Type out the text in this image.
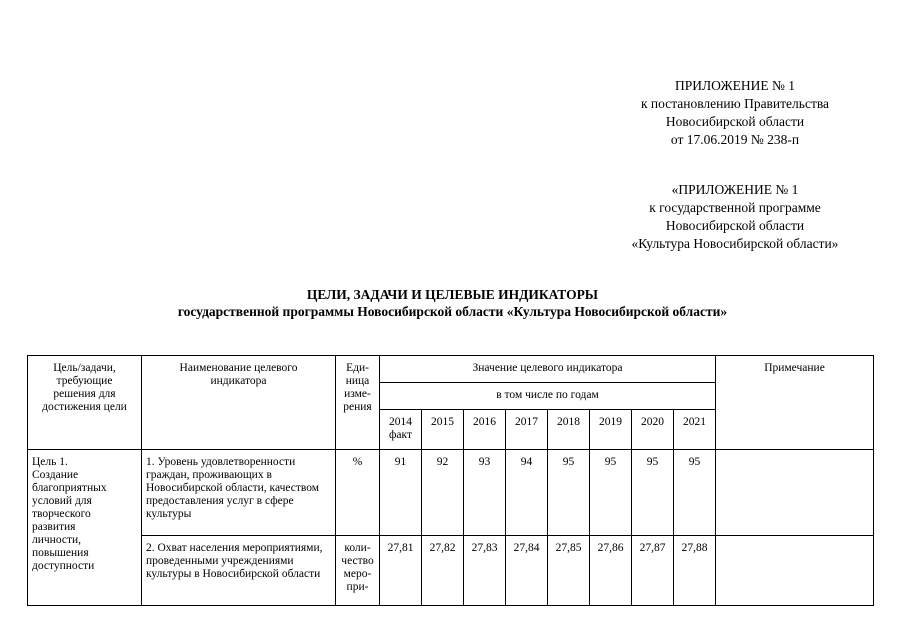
ПРИЛОЖЕНИЕ № 1
к постановлению Правительства
Новосибирской области
от 17.06.2019 № 238-п
«ПРИЛОЖЕНИЕ № 1
к государственной программе
Новосибирской области
«Культура Новосибирской области»
ЦЕЛИ, ЗАДАЧИ И ЦЕЛЕВЫЕ ИНДИКАТОРЫ
государственной программы Новосибирской области «Культура Новосибирской области»
Цель/задачи, требующие решения для достижения цели	Наименование целевого индикатора	Еди- ница изме- рения	Значение целевого индикатора								Примечание
			в том числе по годам								
			2014 факт	2015	2016	2017	2018	2019	2020	2021	
Цель 1. Создание благоприятных условий для творческого развития личности, повышения доступности	1. Уровень удовлетворенности граждан, проживающих в Новосибирской области, качеством предоставления услуг в сфере культуры	%	91	92	93	94	95	95	95	95	
	2. Охват населения мероприятиями, проведенными учреждениями культуры в Новосибирской области	коли- чество меро- при-	27,81	27,82	27,83	27,84	27,85	27,86	27,87	27,88	
